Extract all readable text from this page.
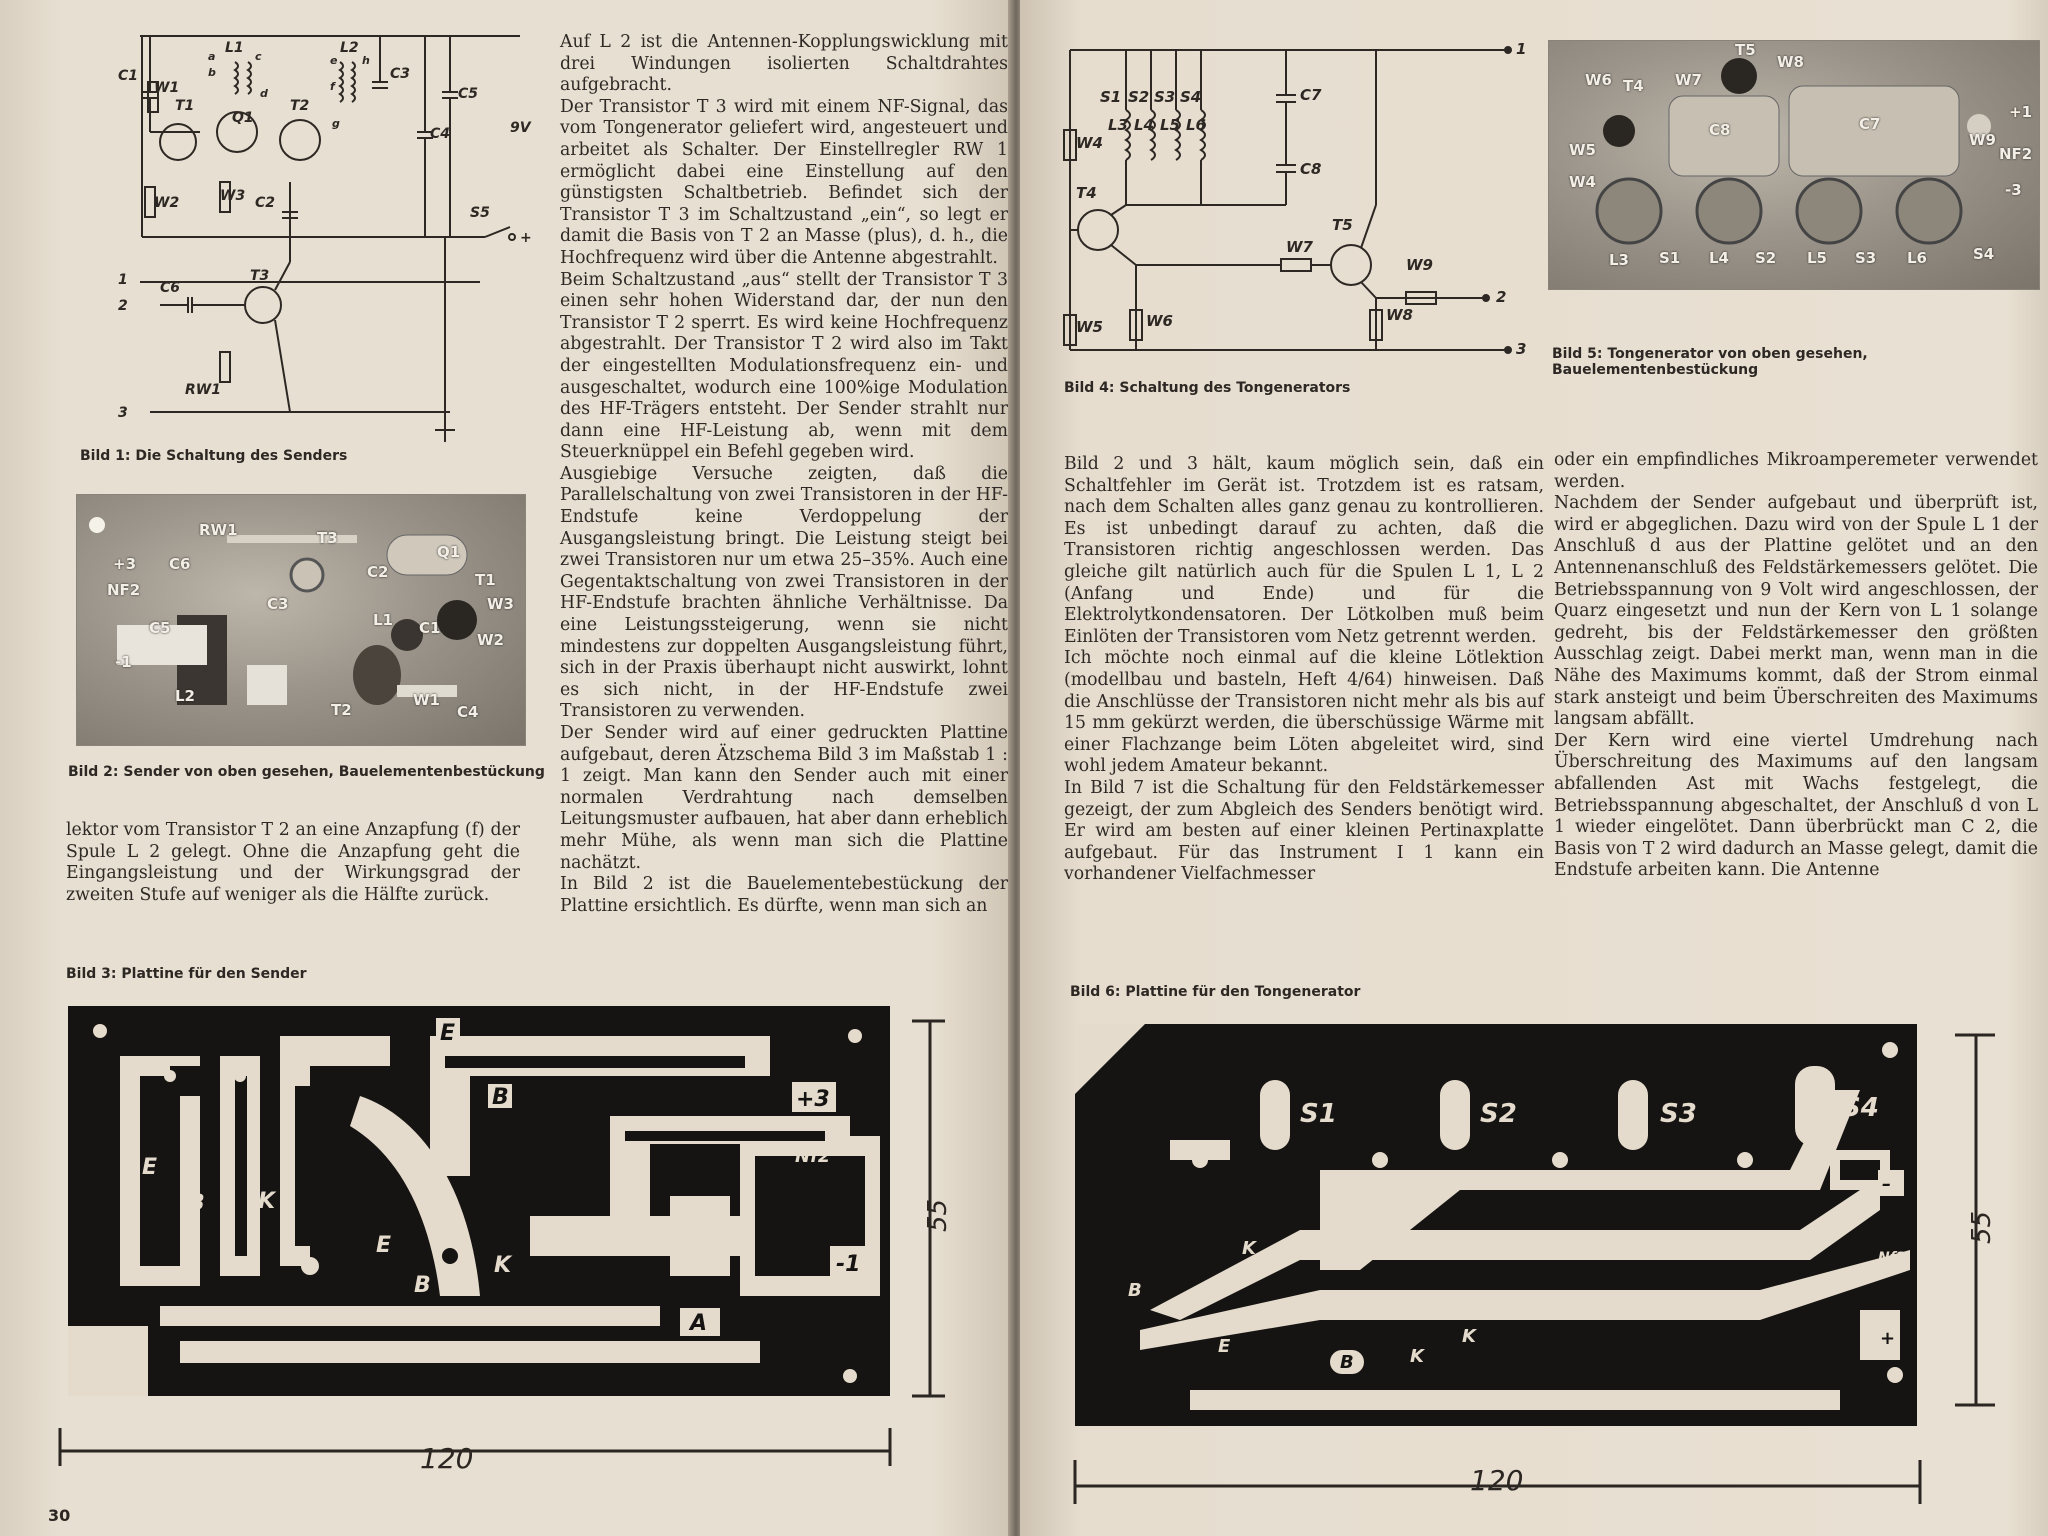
C1
W1
L1
T1
Q1
T2
L2
C3
C4
C5
9V
W2	W3 C2
S5
+
C6
T3
RW1
1
2
3
a
b
c
d
e
f
g
h

Bild 1: Die Schaltung des Senders

RW1	T3
Q1
+3 C6
NF2
C2	T1
C3	W3
C5	L1 C1
W2
-1
L2
T2
W1
C4

Bild 2: Sender von oben gesehen, Bauelementenbestückung

lektor vom Transistor T 2 an eine Anzapfung (f) der Spule L 2 gelegt. Ohne die Anzapfung geht die Eingangsleistung und der Wirkungsgrad der zweiten Stufe auf weniger als die Hälfte zurück.

Auf L 2 ist die Antennen-Kopplungswicklung mit drei Windungen isolierten Schaltdrahtes aufgebracht.

Der Transistor T 3 wird mit einem NF-Signal, das vom Tongenerator geliefert wird, angesteuert und arbeitet als Schalter. Der Einstellregler RW 1 ermöglicht dabei eine Einstellung auf den günstigsten Schaltbetrieb. Befindet sich der Transistor T 3 im Schaltzustand „ein“, so legt er damit die Basis von T 2 an Masse (plus), d. h., die Hochfrequenz wird über die Antenne abgestrahlt.

Beim Schaltzustand „aus“ stellt der Transistor T 3 einen sehr hohen Widerstand dar, der nun den Transistor T 2 sperrt. Es wird keine Hochfrequenz abgestrahlt. Der Transistor T 2 wird also im Takt der eingestellten Modulationsfrequenz ein- und ausgeschaltet, wodurch eine 100%ige Modulation des HF-Trägers entsteht. Der Sender strahlt nur dann eine HF-Leistung ab, wenn mit dem Steuerknüppel ein Befehl gegeben wird.

Ausgiebige Versuche zeigten, daß die Parallelschaltung von zwei Transistoren in der HF-Endstufe keine Verdoppelung der Ausgangsleistung bringt. Die Leistung steigt bei zwei Transistoren nur um etwa 25–35%. Auch eine Gegentaktschaltung von zwei Transistoren in der HF-Endstufe brachten ähnliche Verhältnisse. Da eine Leistungssteigerung, wenn sie nicht mindestens zur doppelten Ausgangsleistung führt, sich in der Praxis überhaupt nicht auswirkt, lohnt es sich nicht, in der HF-Endstufe zwei Transistoren zu verwenden.

Der Sender wird auf einer gedruckten Plattine aufgebaut, deren Ätzschema Bild 3 im Maßstab 1 : 1 zeigt. Man kann den Sender auch mit einer normalen Verdrahtung nach demselben Leitungsmuster aufbauen, hat aber dann erheblich mehr Mühe, als wenn man sich die Plattine nachätzt.

In Bild 2 ist die Bauelementebestückung der Plattine ersichtlich. Es dürfte, wenn man sich an

Bild 3: Plattine für den Sender

E
B	+3
Nf2
E
B K
E
B
K	-1
A
55
120
30
S1 S2 S3 S4
L3 L4 L5 L6
C7
C8
W4
T4
T5
W7
W9
W5	W6	W8
1
2
3

Bild 4: Schaltung des Tongenerators

T5
W8
W6 T4 W7
C8	C7
+1
W9
W5	NF2
W4	-3
L3 S1 L4 S2 L5 S3 L6	S4

Bild 5: Tongenerator von oben gesehen, Bauelementenbestückung

Bild 2 und 3 hält, kaum möglich sein, daß ein Schaltfehler im Gerät ist. Trotzdem ist es ratsam, nach dem Schalten alles ganz genau zu kontrollieren. Es ist unbedingt darauf zu achten, daß die Transistoren richtig angeschlossen werden. Das gleiche gilt natürlich auch für die Spulen L 1, L 2 (Anfang und Ende) und für die Elektrolytkondensatoren. Der Lötkolben muß beim Einlöten der Transistoren vom Netz getrennt werden.

Ich möchte noch einmal auf die kleine Lötlektion (modellbau und basteln, Heft 4/64) hinweisen. Daß die Anschlüsse der Transistoren nicht mehr als bis auf 15 mm gekürzt werden, die überschüssige Wärme mit einer Flachzange beim Löten abgeleitet wird, sind wohl jedem Amateur bekannt.

In Bild 7 ist die Schaltung für den Feldstärkemesser gezeigt, der zum Abgleich des Senders benötigt wird. Er wird am besten auf einer kleinen Pertinaxplatte aufgebaut. Für das Instrument I 1 kann ein vorhandener Vielfachmesser

oder ein empfindliches Mikroamperemeter verwendet werden.

Nachdem der Sender aufgebaut und überprüft ist, wird er abgeglichen. Dazu wird von der Spule L 1 der Anschluß d aus der Plattine gelötet und an den Antennenanschluß des Feldstärkemessers gelötet. Die Betriebsspannung von 9 Volt wird angeschlossen, der Quarz eingesetzt und nun der Kern von L 1 solange gedreht, bis der Feldstärkemesser den größten Ausschlag zeigt. Dabei merkt man, wenn man in die Nähe des Maximums kommt, daß der Strom einmal stark ansteigt und beim Überschreiten des Maximums langsam abfällt.

Der Kern wird eine viertel Umdrehung nach Überschreitung des Maximums auf den langsam abfallenden Ast mit Wachs festgelegt, die Betriebsspannung abgeschaltet, der Anschluß d von L 1 wieder eingelötet. Dann überbrückt man C 2, die Basis von T 2 wird dadurch an Masse gelegt, damit die Endstufe arbeiten kann. Die Antenne

Bild 6: Plattine für den Tongenerator

S1	S2	S3	S4
–
K
B
Nf2
E
B	K
K	+
55
120
